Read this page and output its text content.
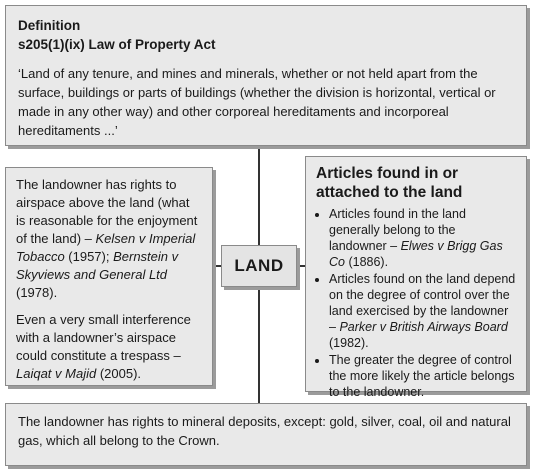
Definition
s205(1)(ix) Law of Property Act
‘Land of any tenure, and mines and minerals, whether or not held apart from the surface, buildings or parts of buildings (whether the division is horizontal, vertical or made in any other way) and other corporeal hereditaments and incorporeal hereditaments ...’

The landowner has rights to airspace above the land (what is reasonable for the enjoyment of the land) – Kelsen v Imperial Tobacco (1957); Bernstein v Skyviews and General Ltd (1978).

Even a very small interference with a landowner’s airspace could constitute a trespass – Laiqat v Majid (2005).

LAND
Articles found in or attached to the land
• Articles found in the land generally belong to the landowner – Elwes v Brigg Gas Co (1886).
• Articles found on the land depend on the degree of control over the land exercised by the landowner – Parker v British Airways Board (1982).
• The greater the degree of control the more likely the article belongs to the landowner.
The landowner has rights to mineral deposits, except: gold, silver, coal, oil and natural gas, which all belong to the Crown.
